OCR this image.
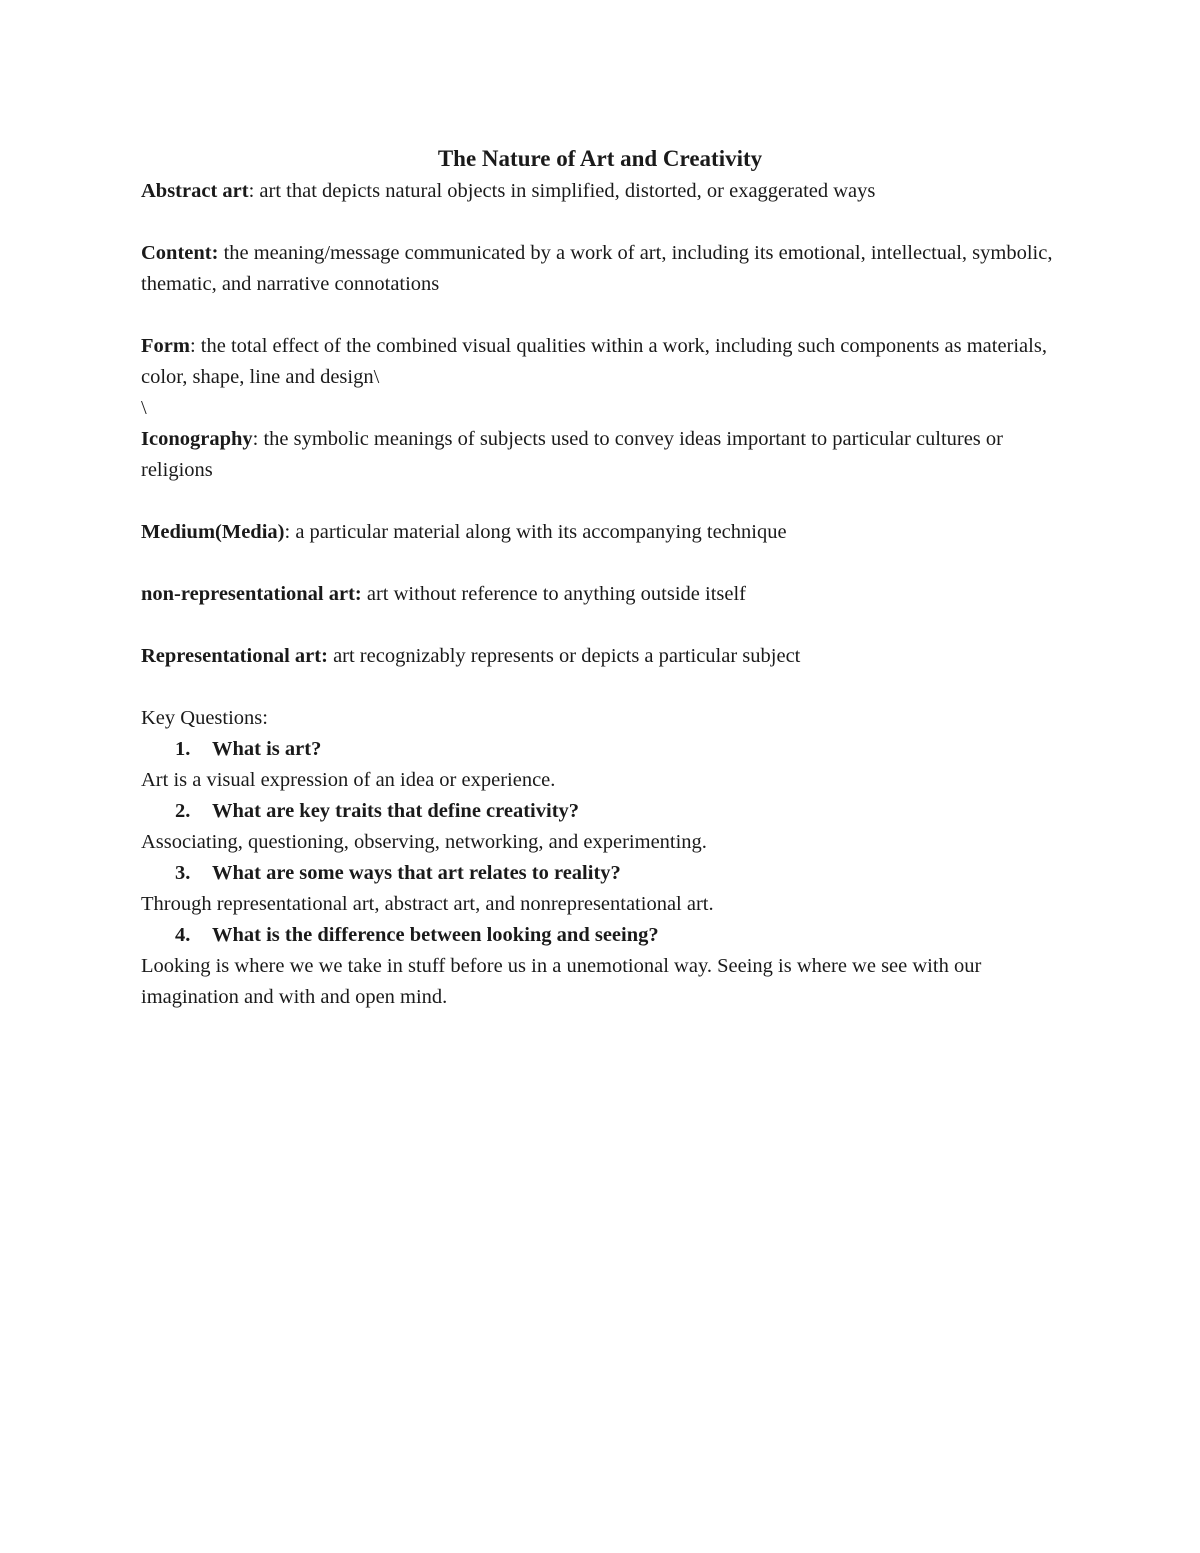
The Nature of Art and Creativity

Abstract art: art that depicts natural objects in simplified, distorted, or exaggerated ways

Content: the meaning/message communicated by a work of art, including its emotional, intellectual, symbolic, thematic, and narrative connotations

Form: the total effect of the combined visual qualities within a work, including such components as materials, color, shape, line and design\

\

Iconography: the symbolic meanings of subjects used to convey ideas important to particular cultures or religions

Medium(Media): a particular material along with its accompanying technique

non-representational art: art without reference to anything outside itself

Representational art: art recognizably represents or depicts a particular subject

Key Questions:

1.	What is art?

Art is a visual expression of an idea or experience.

2.	What are key traits that define creativity?

Associating, questioning, observing, networking, and experimenting.

3.	What are some ways that art relates to reality?

Through representational art, abstract art, and nonrepresentational art.

4.	What is the difference between looking and seeing?

Looking is where we we take in stuff before us in a unemotional way. Seeing is where we see with our imagination and with and open mind.
